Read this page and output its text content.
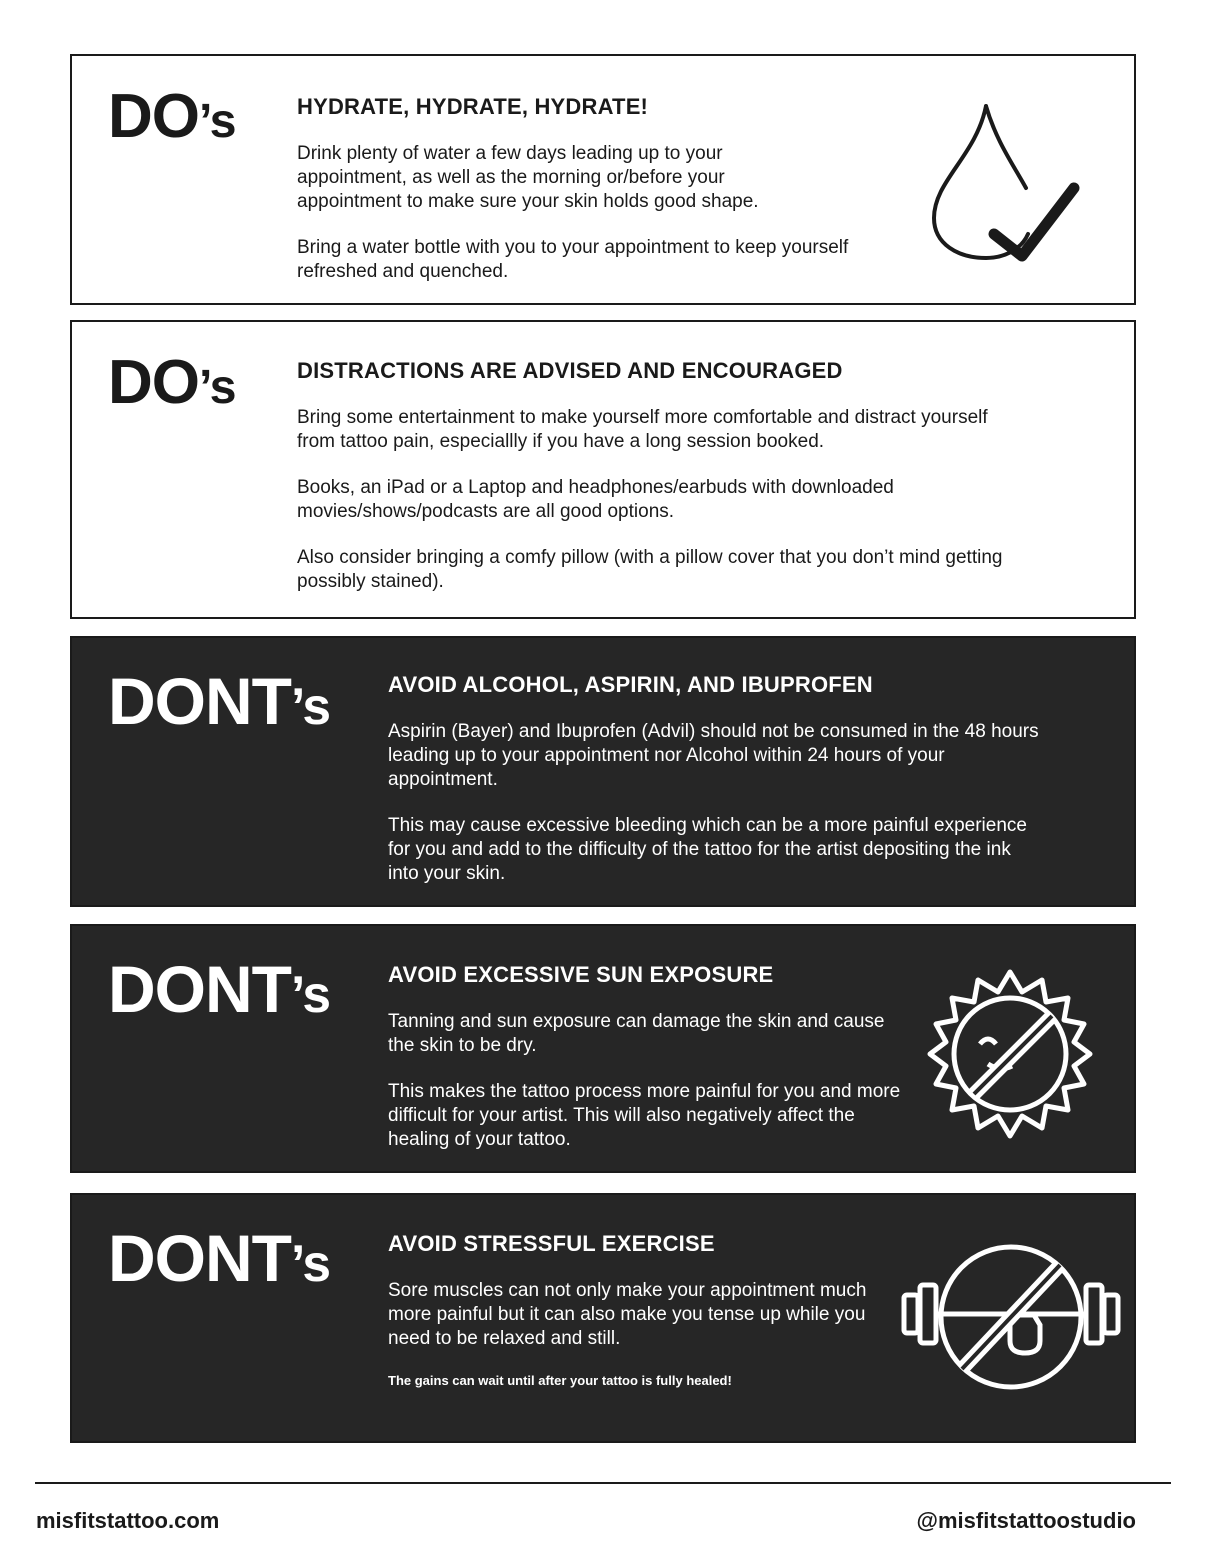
DO’s	HYDRATE, HYDRATE, HYDRATE!

Drink plenty of water a few days leading up to your appointment, as well as the morning or/before your appointment to make sure your skin holds good shape.

Bring a water bottle with you to your appointment to keep yourself refreshed and quenched.

DO’s	DISTRACTIONS ARE ADVISED AND ENCOURAGED

Bring some entertainment to make yourself more comfortable and distract yourself from tattoo pain, especiallly if you have a long session booked.

Books, an iPad or a Laptop and headphones/earbuds with downloaded movies/shows/podcasts are all good options.

Also consider bringing a comfy pillow (with a pillow cover that you don’t mind getting possibly stained).

DONT’s	AVOID ALCOHOL, ASPIRIN, AND IBUPROFEN

Aspirin (Bayer) and Ibuprofen (Advil) should not be consumed in the 48 hours leading up to your appointment nor Alcohol within 24 hours of your appointment.

This may cause excessive bleeding which can be a more painful experience for you and add to the difficulty of the tattoo for the artist depositing the ink into your skin.

DONT’s	AVOID EXCESSIVE SUN EXPOSURE

Tanning and sun exposure can damage the skin and cause the skin to be dry.

This makes the tattoo process more painful for you and more difficult for your artist. This will also negatively affect the healing of your tattoo.

DONT’s	AVOID STRESSFUL EXERCISE

Sore muscles can not only make your appointment much more painful but it can also make you tense up while you need to be relaxed and still.

The gains can wait until after your tattoo is fully healed!

misfitstattoo.com	@misfitstattoostudio
